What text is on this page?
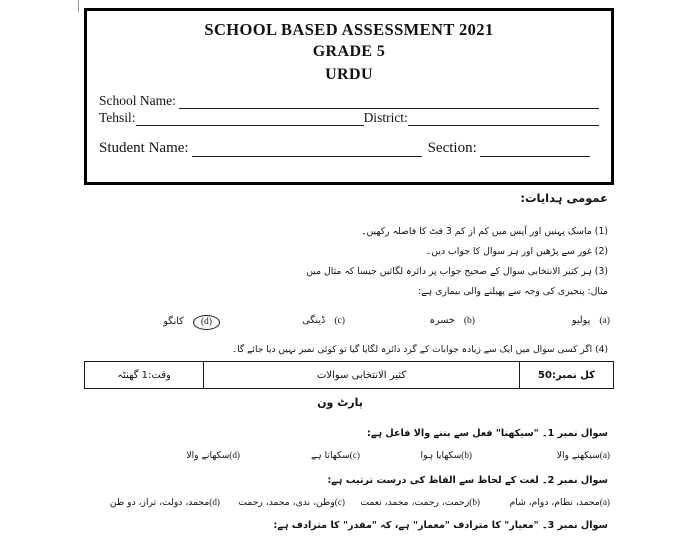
SCHOOL BASED ASSESSMENT 2021
GRADE 5
URDU
School Name:
Tehsil:	District:
Student Name:	Section:
عمومی ہدایات:
(1) ماسک پہنیں اور آپس میں کم از کم 3 فٹ کا فاصلہ رکھیں۔
(2) غور سے پڑھیں اور ہر سوال کا جواب دیں۔
(3) ہر کثیر الانتخابی سوال کے صحیح جواب پر دائرہ لگائیں جیسا کہ مثال میں
مثال: پنجیری کی وجہ سے پھیلنے والی بیماری ہے:
(a) پولیو
(b) خسرہ
(c) ڈینگی
(d) کانگو
(4) اگر کسی سوال میں ایک سے زیادہ جوابات کے گرد دائرہ لگایا گیا تو کوئی نمبر نہیں دیا جائے گا۔
کل نمبر:50
کثیر الانتخابی سوالات
وقت:1 گھنٹہ
پارٹ ون
سوال نمبر 1۔ "سیکھنا" فعل سے بننے والا فاعل ہے:
(a)سیکھنے والا
(b)سکھایا ہوا
(c)سکھاتا ہے
(d)سکھانے والا
سوال نمبر 2۔ لغت کے لحاظ سے الفاظ کی درست ترتیب ہے:
(a)محمد، نظام، دوام، شام
(b)زحمت، رحمت، محمد، نعمت
(c)وطن، ندی، محمد، رحمت
(d)محمد، دولت، تراز، دو طن
سوال نمبر 3۔ "معیار" کا مترادف "معمار" ہے، کہ "مقدر" کا مترادف ہے:
